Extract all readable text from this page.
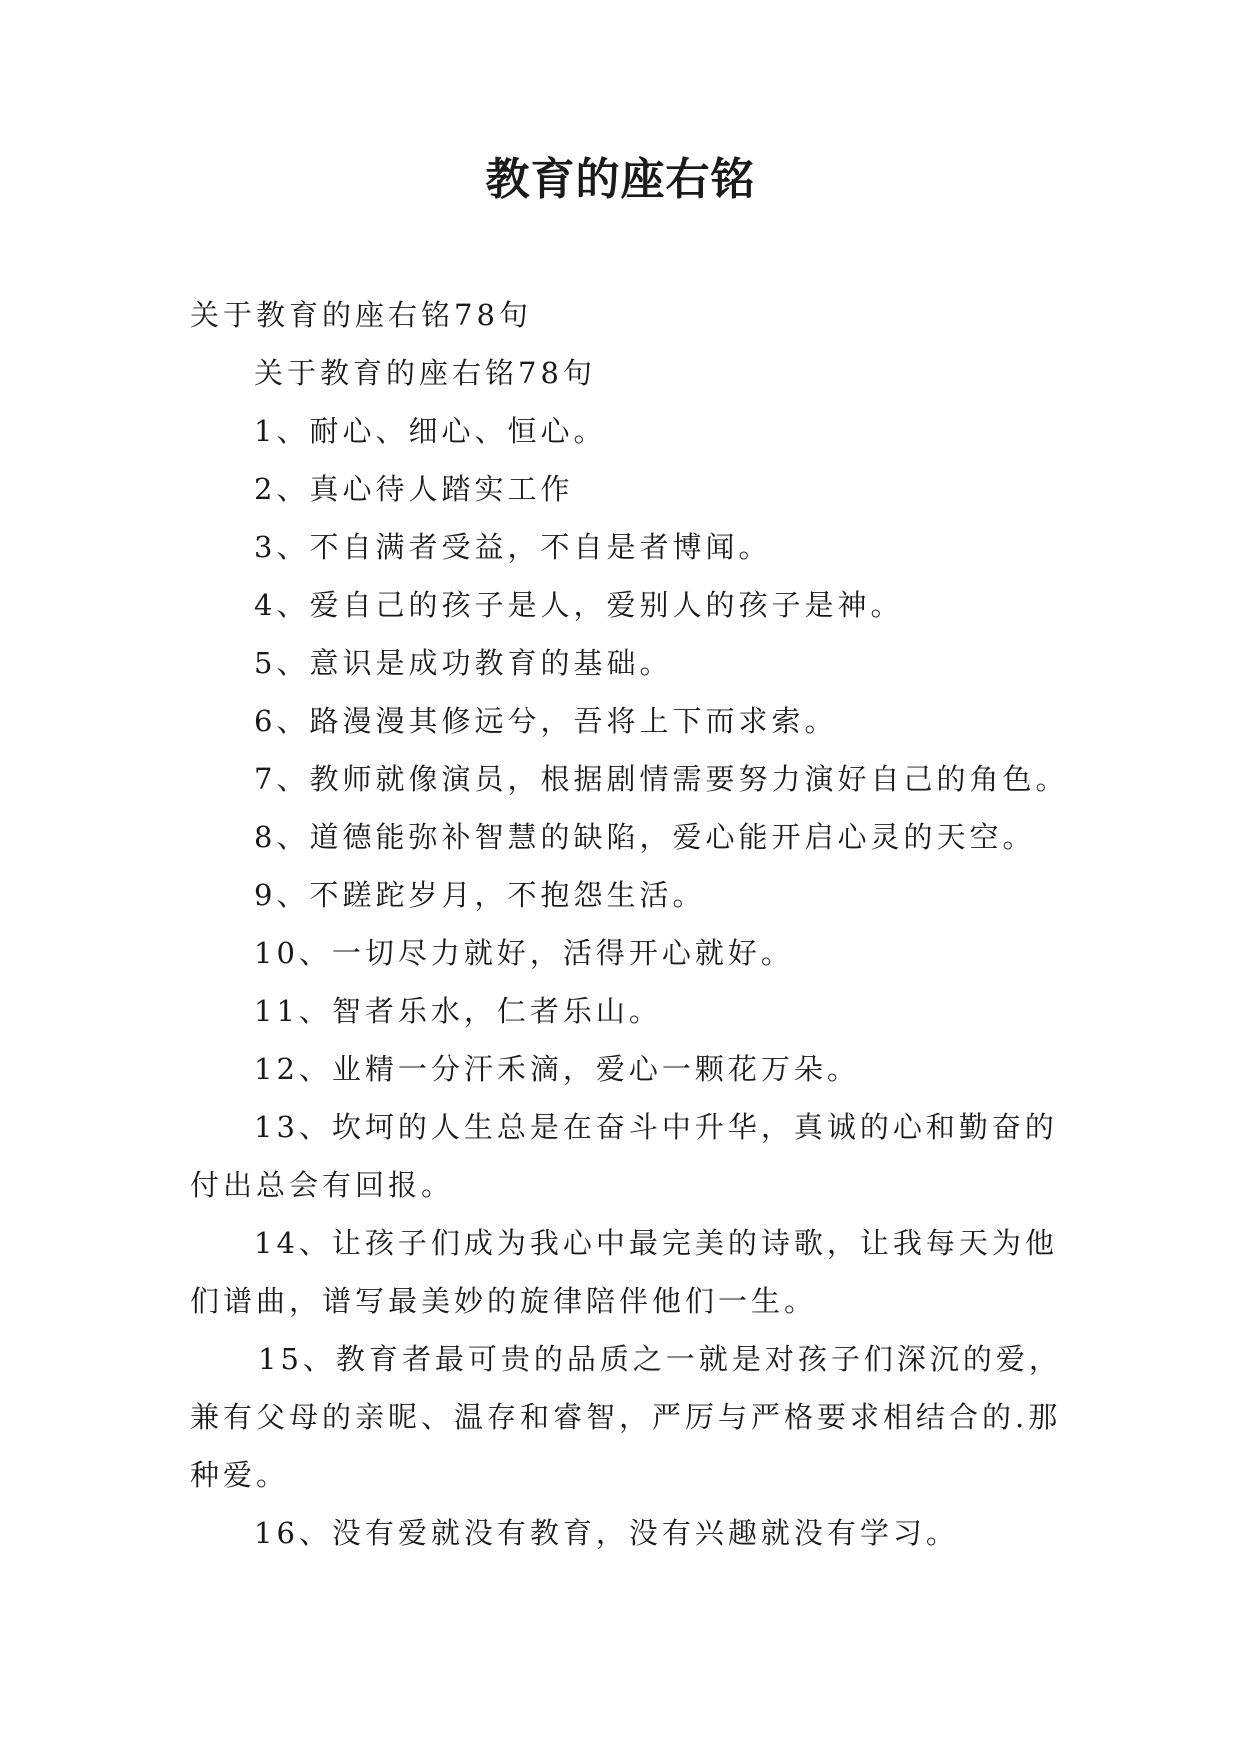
教育的座右铭

关于教育的座右铭78句

关于教育的座右铭78句

1、耐心、细心、恒心。

2、真心待人踏实工作

3、不自满者受益，不自是者博闻。

4、爱自己的孩子是人，爱别人的孩子是神。

5、意识是成功教育的基础。

6、路漫漫其修远兮，吾将上下而求索。

7、教师就像演员，根据剧情需要努力演好自己的角色。

8、道德能弥补智慧的缺陷，爱心能开启心灵的天空。

9、不蹉跎岁月，不抱怨生活。

10、一切尽力就好，活得开心就好。

11、智者乐水，仁者乐山。

12、业精一分汗禾滴，爱心一颗花万朵。

13、坎坷的人生总是在奋斗中升华，真诚的心和勤奋的付出总会有回报。

14、让孩子们成为我心中最完美的诗歌，让我每天为他们谱曲，谱写最美妙的旋律陪伴他们一生。

15、教育者最可贵的品质之一就是对孩子们深沉的爱，兼有父母的亲昵、温存和睿智，严厉与严格要求相结合的.那种爱。

16、没有爱就没有教育，没有兴趣就没有学习。
